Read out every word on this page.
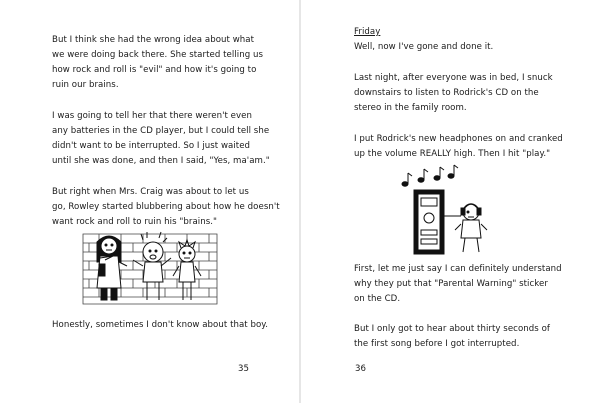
But I think she had the wrong idea about what

we were doing back there. She started telling us

how rock and roll is "evil" and how it's going to

ruin our brains.

I was going to tell her that there weren't even

any batteries in the CD player, but I could tell she

didn't want to be interrupted. So I just waited

until she was done, and then I said, "Yes, ma'am."

But right when Mrs. Craig was about to let us

go, Rowley started blubbering about how he doesn't

want rock and roll to ruin his "brains."

Honestly, sometimes I don't know about that boy.

35

Friday

Well, now I've gone and done it.

Last night, after everyone was in bed, I snuck

downstairs to listen to Rodrick's CD on the

stereo in the family room.

I put Rodrick's new headphones on and cranked

up the volume REALLY high. Then I hit "play."

First, let me just say I can definitely understand

why they put that "Parental Warning" sticker

on the CD.

But I only got to hear about thirty seconds of

the first song before I got interrupted.

36
